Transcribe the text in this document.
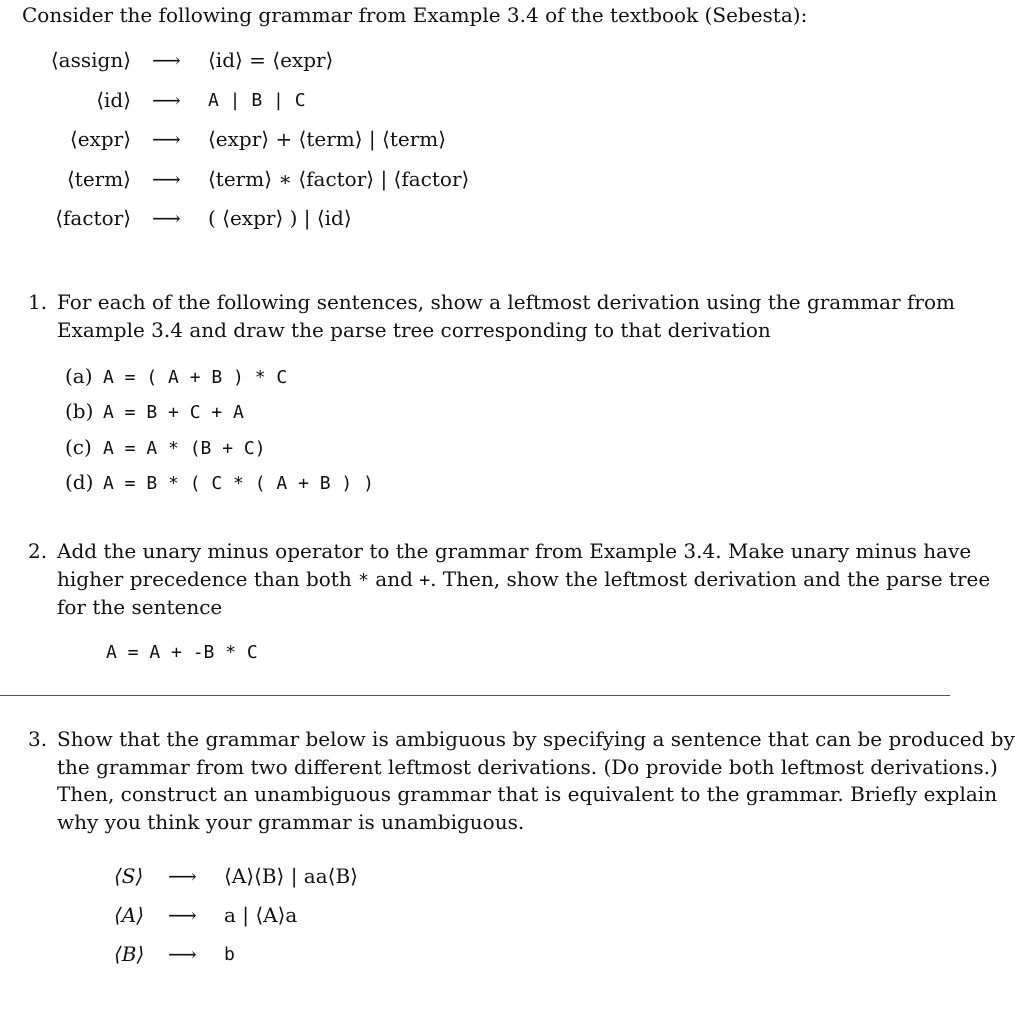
Consider the following grammar from Example 3.4 of the textbook (Sebesta):
⟨assign⟩ ⟶ ⟨id⟩ = ⟨expr⟩
⟨id⟩ ⟶ A | B | C
⟨expr⟩ ⟶ ⟨expr⟩ + ⟨term⟩ | ⟨term⟩
⟨term⟩ ⟶ ⟨term⟩ ∗ ⟨factor⟩ | ⟨factor⟩
⟨factor⟩ ⟶ ( ⟨expr⟩ ) | ⟨id⟩
1. For each of the following sentences, show a leftmost derivation using the grammar from
Example 3.4 and draw the parse tree corresponding to that derivation
(a) A = ( A + B ) * C
(b) A = B + C + A
(c) A = A * (B + C)
(d) A = B * ( C * ( A + B ) )
2. Add the unary minus operator to the grammar from Example 3.4. Make unary minus have
higher precedence than both * and +. Then, show the leftmost derivation and the parse tree
for the sentence
A = A + -B * C
3. Show that the grammar below is ambiguous by specifying a sentence that can be produced by
the grammar from two different leftmost derivations. (Do provide both leftmost derivations.)
Then, construct an unambiguous grammar that is equivalent to the grammar. Briefly explain
why you think your grammar is unambiguous.
⟨S⟩ ⟶ ⟨A⟩⟨B⟩ | aa⟨B⟩
⟨A⟩ ⟶ a | ⟨A⟩a
⟨B⟩ ⟶ b
